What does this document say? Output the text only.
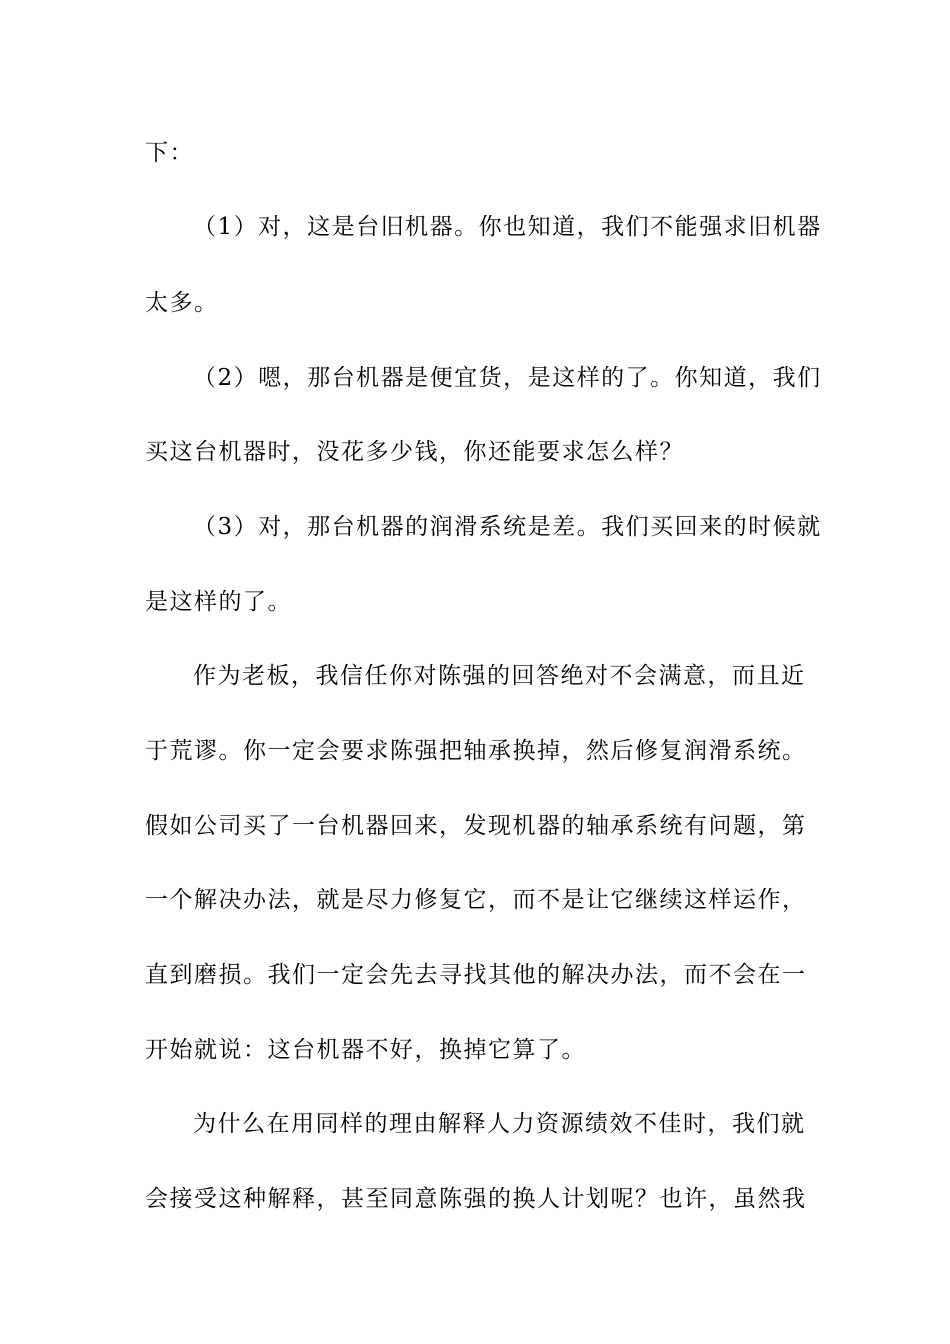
下：
（1）对，这是台旧机器。你也知道，我们不能强求旧机器
太多。
（2）嗯，那台机器是便宜货，是这样的了。你知道，我们
买这台机器时，没花多少钱，你还能要求怎么样？
（3）对，那台机器的润滑系统是差。我们买回来的时候就
是这样的了。
作为老板，我信任你对陈强的回答绝对不会满意，而且近
于荒谬。你一定会要求陈强把轴承换掉，然后修复润滑系统。
假如公司买了一台机器回来，发现机器的轴承系统有问题，第
一个解决办法，就是尽力修复它，而不是让它继续这样运作，
直到磨损。我们一定会先去寻找其他的解决办法，而不会在一
开始就说：这台机器不好，换掉它算了。
为什么在用同样的理由解释人力资源绩效不佳时，我们就
会接受这种解释，甚至同意陈强的换人计划呢？也许，虽然我
